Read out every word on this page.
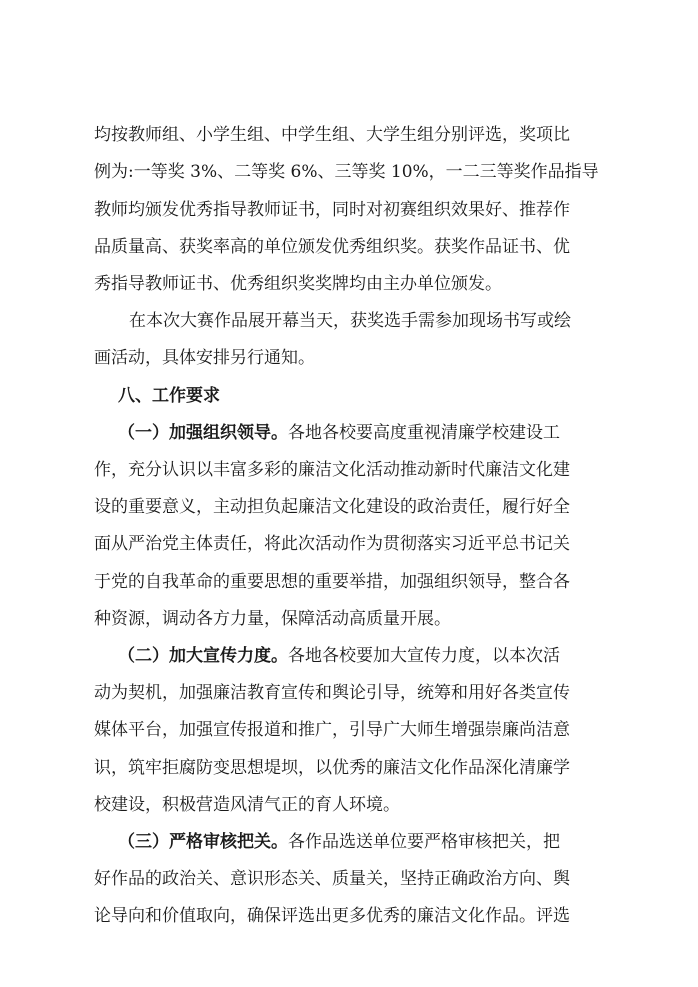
均按教师组、小学生组、中学生组、大学生组分别评选，奖项比
例为:一等奖 3%、二等奖 6%、三等奖 10%，一二三等奖作品指导
教师均颁发优秀指导教师证书，同时对初赛组织效果好、推荐作
品质量高、获奖率高的单位颁发优秀组织奖。获奖作品证书、优
秀指导教师证书、优秀组织奖奖牌均由主办单位颁发。
在本次大赛作品展开幕当天，获奖选手需参加现场书写或绘
画活动，具体安排另行通知。
八、工作要求
（一）加强组织领导。各地各校要高度重视清廉学校建设工
作，充分认识以丰富多彩的廉洁文化活动推动新时代廉洁文化建
设的重要意义，主动担负起廉洁文化建设的政治责任，履行好全
面从严治党主体责任，将此次活动作为贯彻落实习近平总书记关
于党的自我革命的重要思想的重要举措，加强组织领导，整合各
种资源，调动各方力量，保障活动高质量开展。
（二）加大宣传力度。各地各校要加大宣传力度，以本次活
动为契机，加强廉洁教育宣传和舆论引导，统筹和用好各类宣传
媒体平台，加强宣传报道和推广，引导广大师生增强崇廉尚洁意
识，筑牢拒腐防变思想堤坝，以优秀的廉洁文化作品深化清廉学
校建设，积极营造风清气正的育人环境。
（三）严格审核把关。各作品选送单位要严格审核把关，把
好作品的政治关、意识形态关、质量关，坚持正确政治方向、舆
论导向和价值取向，确保评选出更多优秀的廉洁文化作品。评选
